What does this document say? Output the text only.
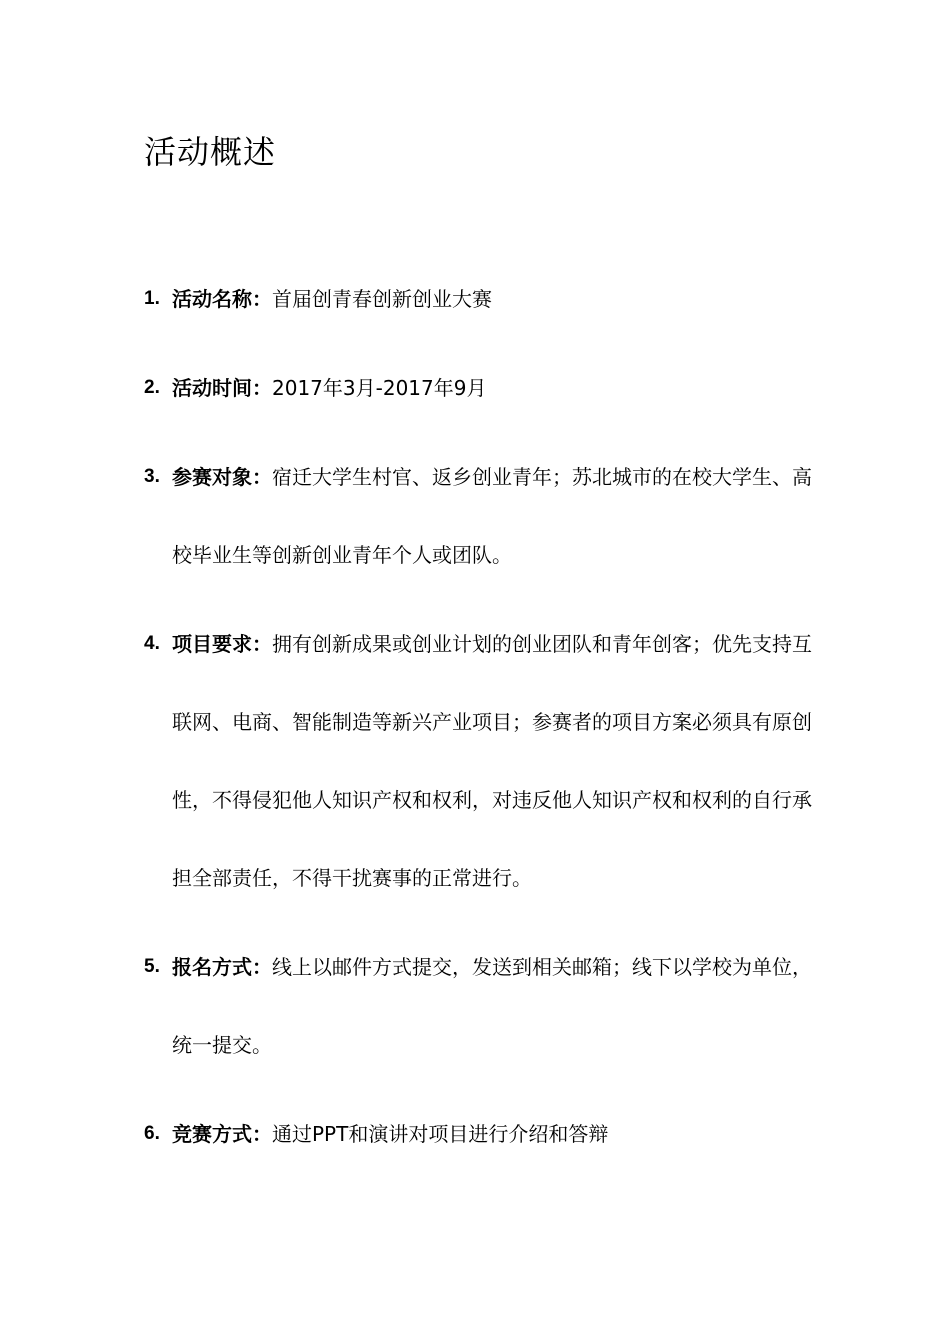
活动概述
1. 活动名称：首届创青春创新创业大赛
2. 活动时间：2017年3月-2017年9月
3. 参赛对象：宿迁大学生村官、返乡创业青年；苏北城市的在校大学生、高校毕业生等创新创业青年个人或团队。
4. 项目要求：拥有创新成果或创业计划的创业团队和青年创客；优先支持互联网、电商、智能制造等新兴产业项目；参赛者的项目方案必须具有原创性，不得侵犯他人知识产权和权利，对违反他人知识产权和权利的自行承担全部责任，不得干扰赛事的正常进行。
5. 报名方式：线上以邮件方式提交，发送到相关邮箱；线下以学校为单位，统一提交。
6. 竞赛方式：通过PPT和演讲对项目进行介绍和答辩
